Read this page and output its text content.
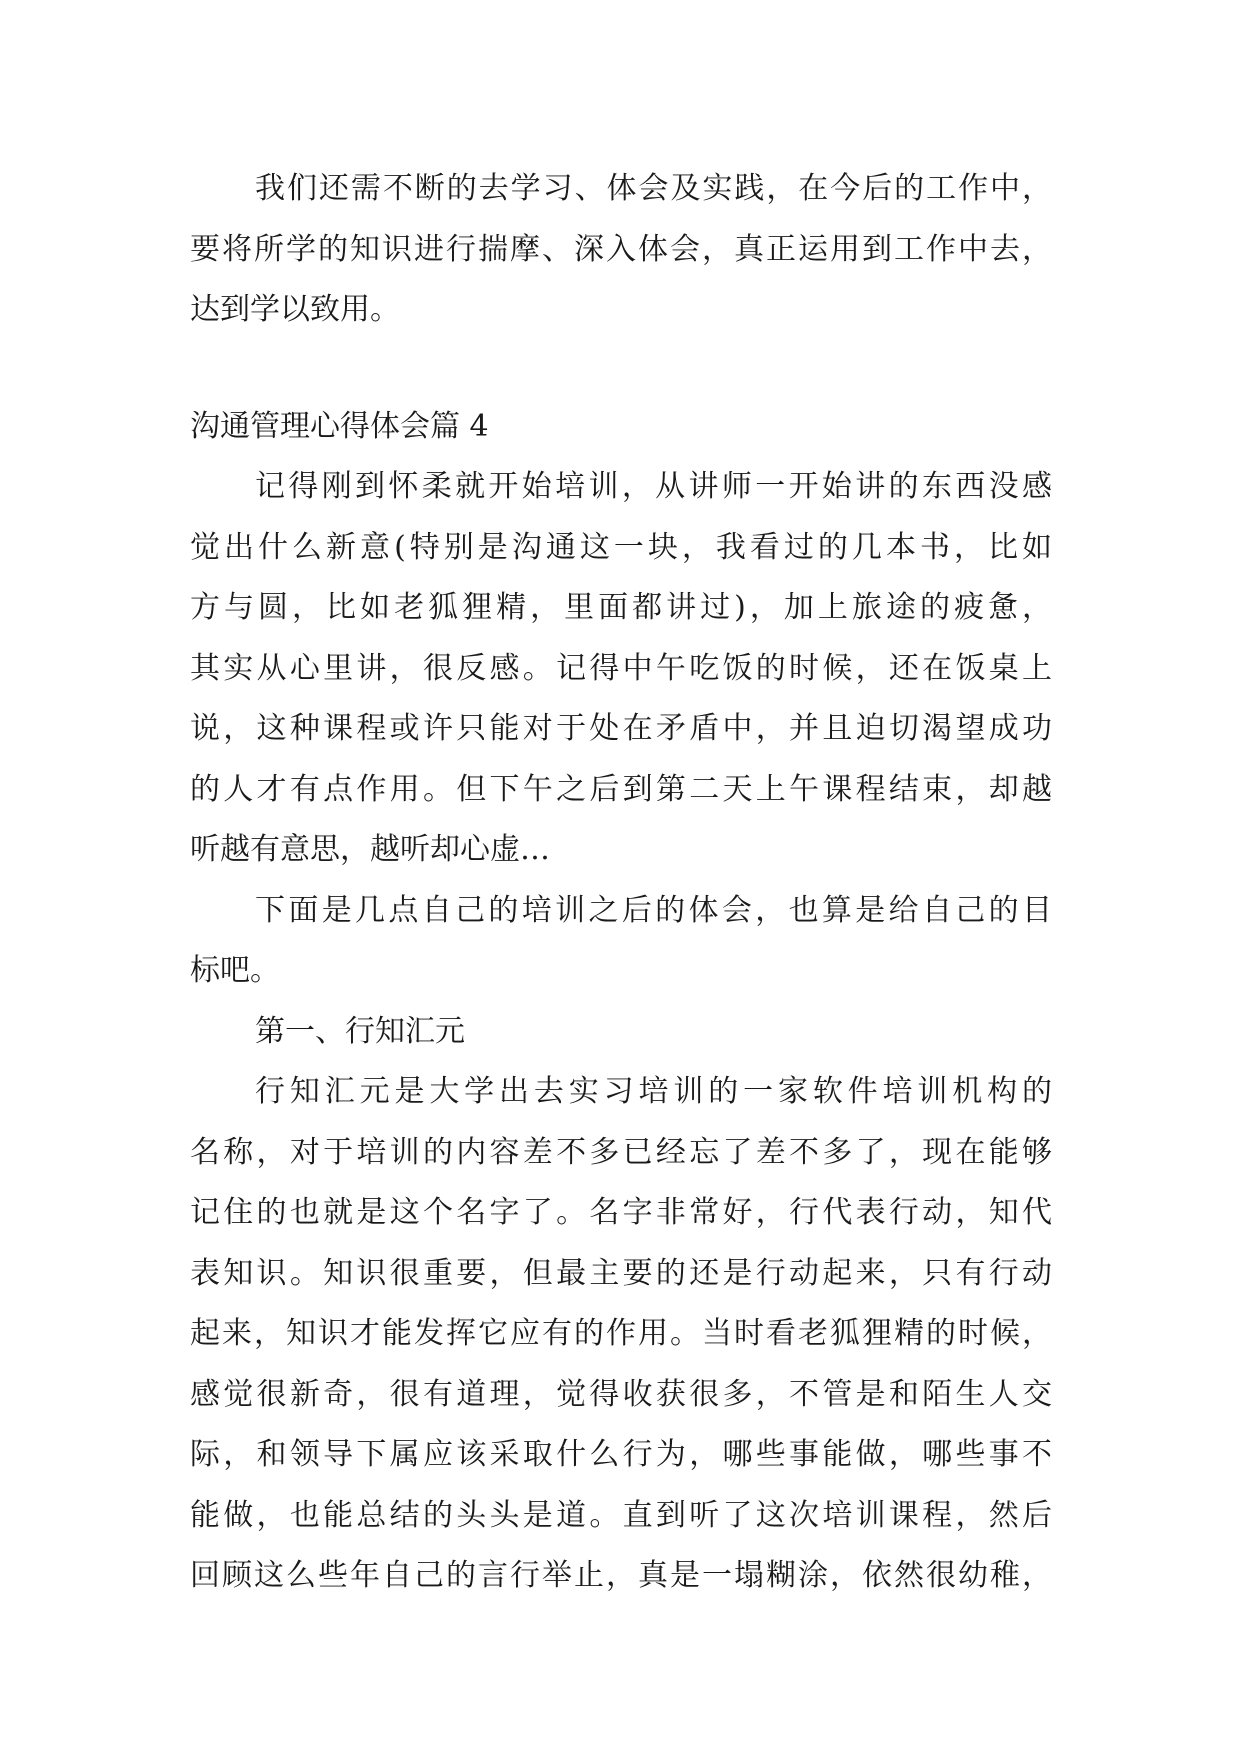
我们还需不断的去学习、体会及实践，在今后的工作中，
要将所学的知识进行揣摩、深入体会，真正运用到工作中去，
达到学以致用。
沟通管理心得体会篇 4
记得刚到怀柔就开始培训，从讲师一开始讲的东西没感
觉出什么新意(特别是沟通这一块，我看过的几本书，比如
方与圆，比如老狐狸精，里面都讲过)，加上旅途的疲惫，
其实从心里讲，很反感。记得中午吃饭的时候，还在饭桌上
说，这种课程或许只能对于处在矛盾中，并且迫切渴望成功
的人才有点作用。但下午之后到第二天上午课程结束，却越
听越有意思，越听却心虚…
下面是几点自己的培训之后的体会，也算是给自己的目
标吧。
第一、行知汇元
行知汇元是大学出去实习培训的一家软件培训机构的
名称，对于培训的内容差不多已经忘了差不多了，现在能够
记住的也就是这个名字了。名字非常好，行代表行动，知代
表知识。知识很重要，但最主要的还是行动起来，只有行动
起来，知识才能发挥它应有的作用。当时看老狐狸精的时候，
感觉很新奇，很有道理，觉得收获很多，不管是和陌生人交
际，和领导下属应该采取什么行为，哪些事能做，哪些事不
能做，也能总结的头头是道。直到听了这次培训课程，然后
回顾这么些年自己的言行举止，真是一塌糊涂，依然很幼稚，
